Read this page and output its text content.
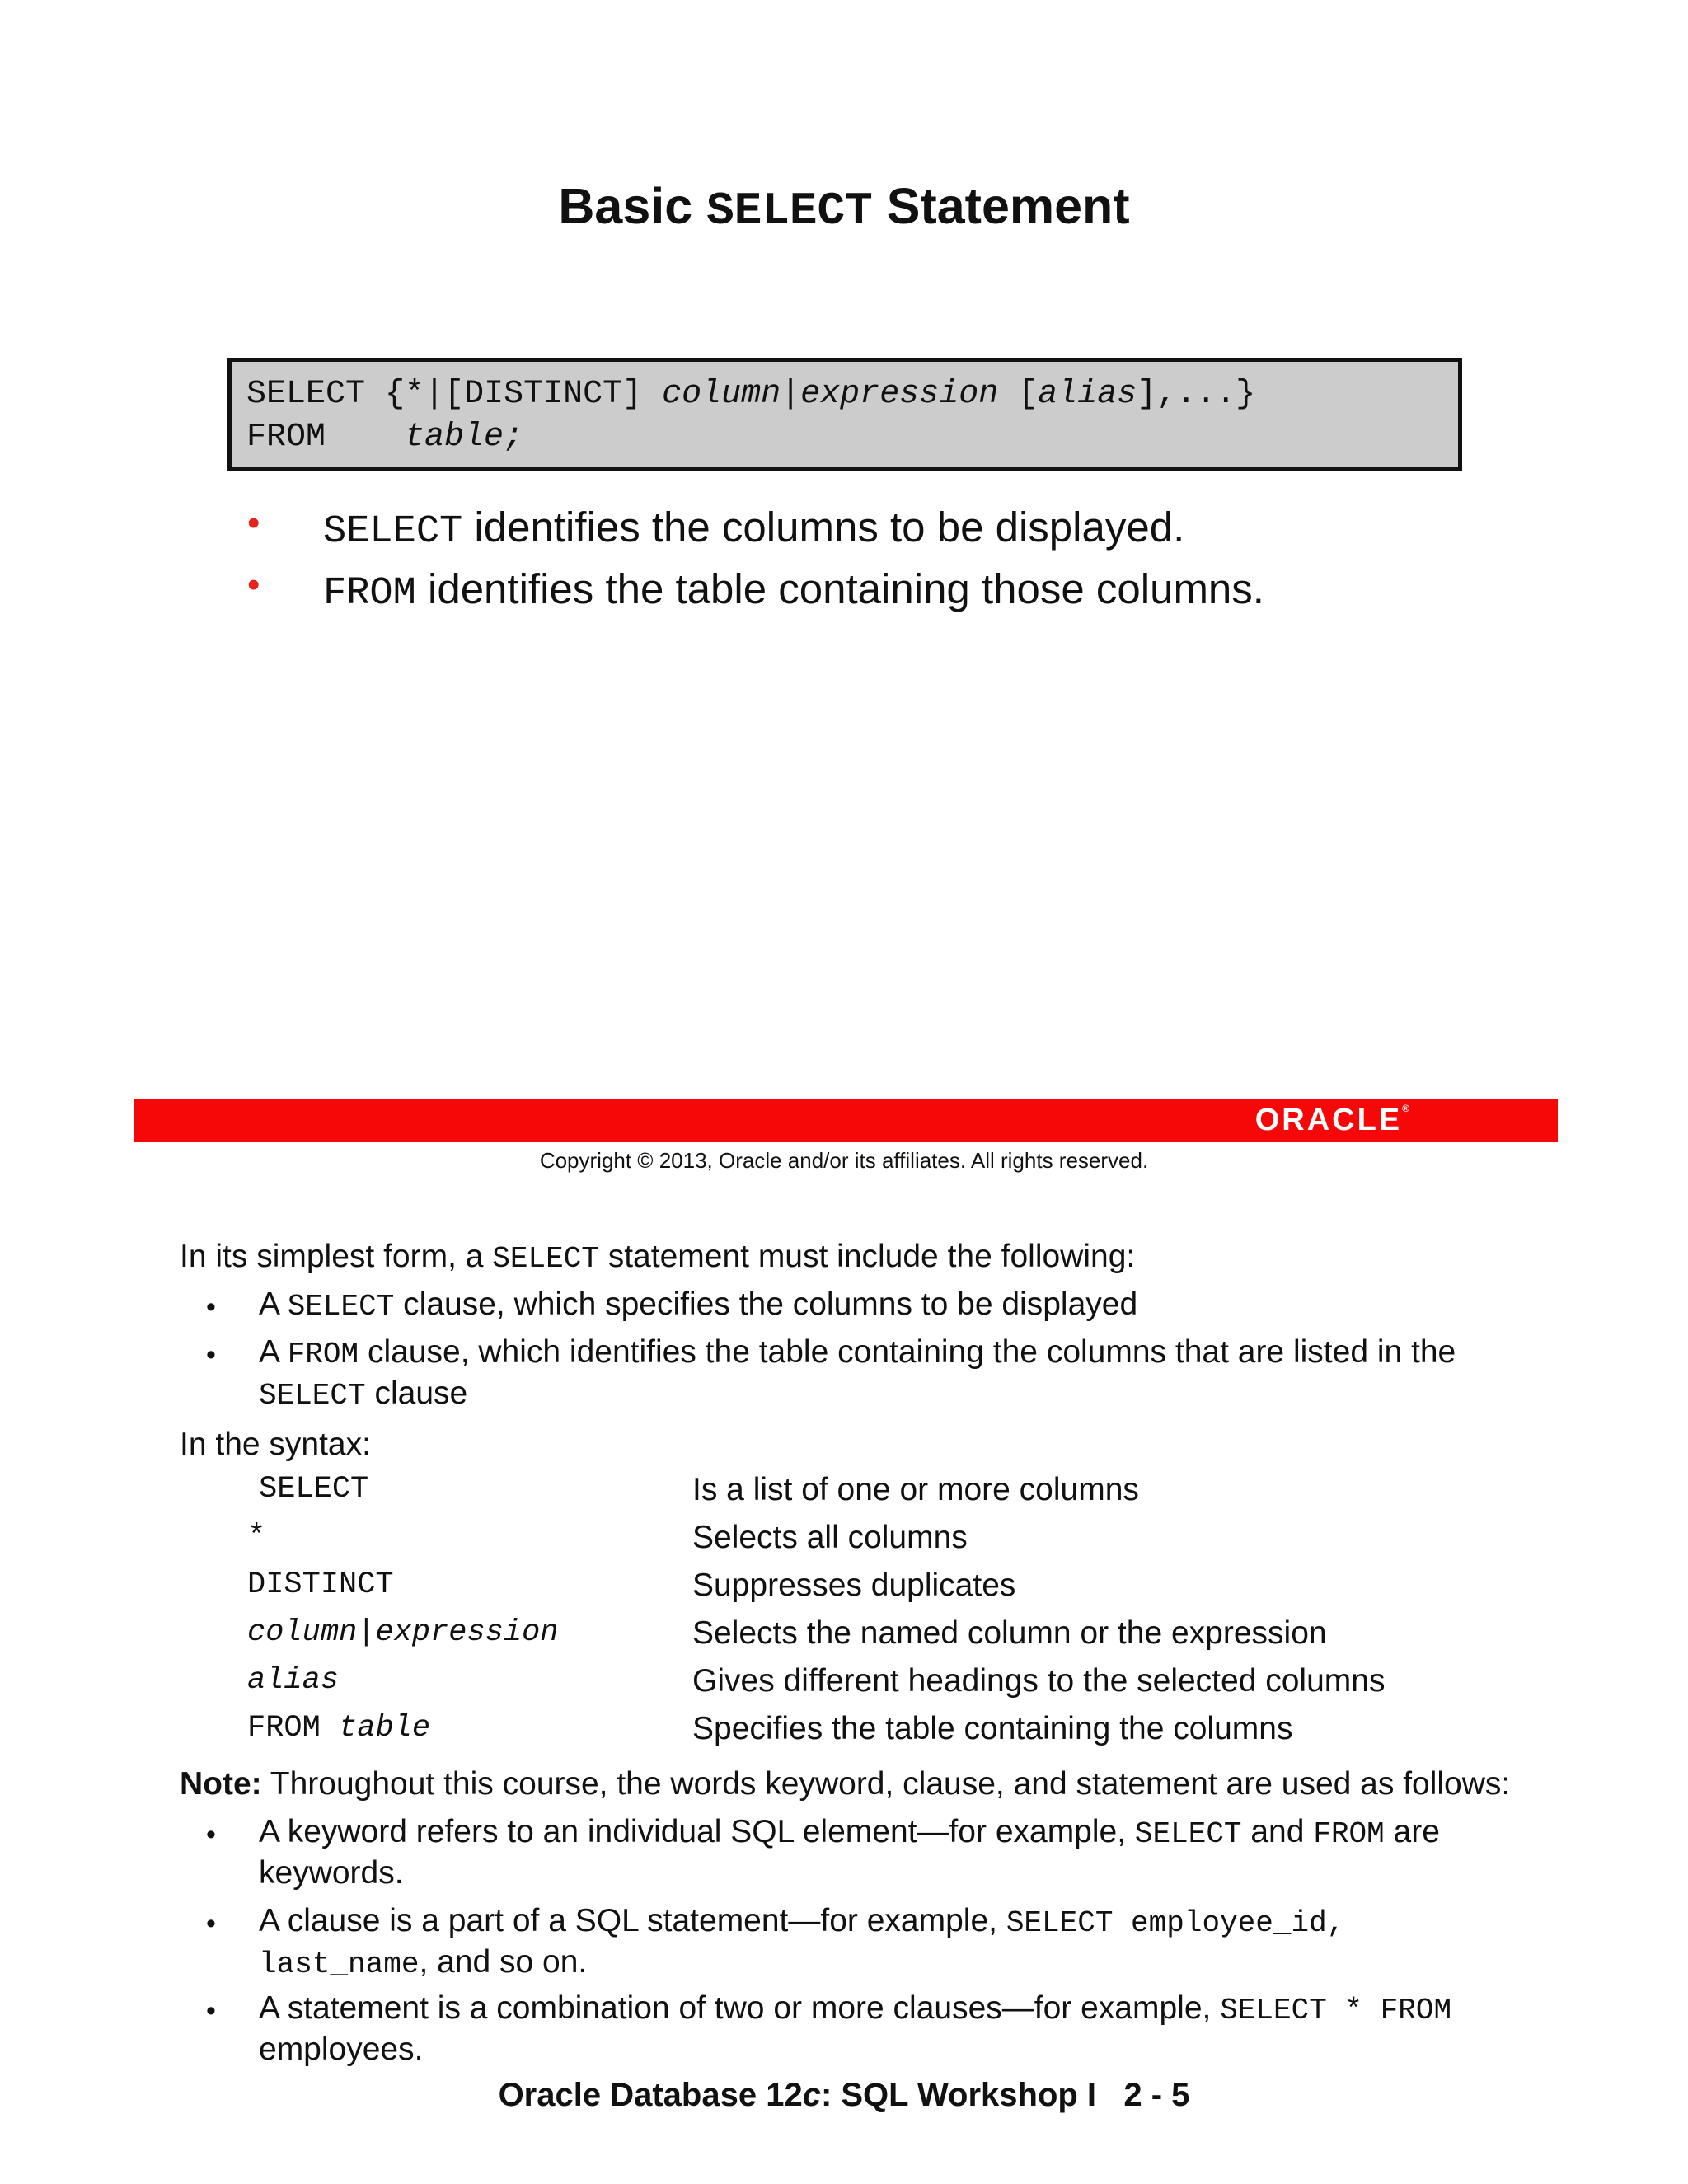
Basic SELECT Statement
SELECT {*|[DISTINCT] column|expression [alias],...}
FROM table;
• SELECT identifies the columns to be displayed.
• FROM identifies the table containing those columns.
ORACLE®
Copyright © 2013, Oracle and/or its affiliates. All rights reserved.
In its simplest form, a SELECT statement must include the following:
• A SELECT clause, which specifies the columns to be displayed
• A FROM clause, which identifies the table containing the columns that are listed in the
SELECT clause
In the syntax:
SELECT	Is a list of one or more columns
*	Selects all columns
DISTINCT	Suppresses duplicates
column|expression	Selects the named column or the expression
alias	Gives different headings to the selected columns
FROM table	Specifies the table containing the columns
Note: Throughout this course, the words keyword, clause, and statement are used as follows:
• A keyword refers to an individual SQL element—for example, SELECT and FROM are
keywords.
• A clause is a part of a SQL statement—for example, SELECT employee_id,
last_name, and so on.
• A statement is a combination of two or more clauses—for example, SELECT * FROM
employees.
Oracle Database 12c: SQL Workshop I   2 - 5
